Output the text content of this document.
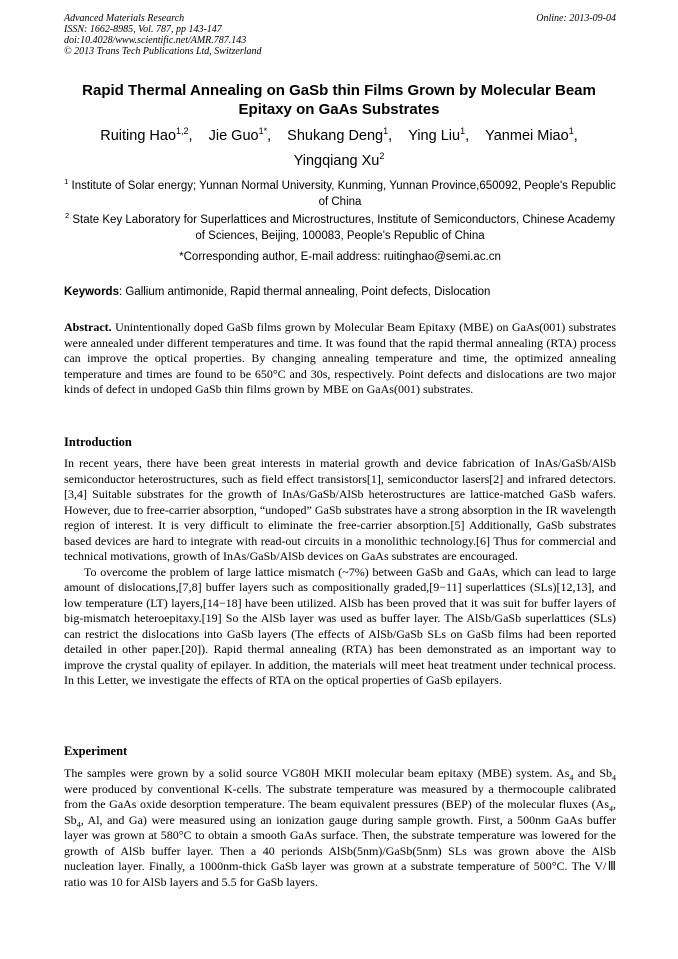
Advanced Materials Research
ISSN: 1662-8985, Vol. 787, pp 143-147
doi:10.4028/www.scientific.net/AMR.787.143
© 2013 Trans Tech Publications Ltd, Switzerland
Online: 2013-09-04
Rapid Thermal Annealing on GaSb thin Films Grown by Molecular Beam Epitaxy on GaAs Substrates
Ruiting Hao$^{1,2}$, Jie Guo$^{1*}$, Shukang Deng$^1$, Ying Liu$^1$, Yanmei Miao$^1$,
Yingqiang Xu$^2$
$^1$ Institute of Solar energy; Yunnan Normal University, Kunming, Yunnan Province,650092, People's Republic of China
$^2$ State Key Laboratory for Superlattices and Microstructures, Institute of Semiconductors, Chinese Academy of Sciences, Beijing, 100083, People's Republic of China
*Corresponding author, E-mail address: ruitinghao@semi.ac.cn
Keywords: Gallium antimonide, Rapid thermal annealing, Point defects, Dislocation
Abstract. Unintentionally doped GaSb films grown by Molecular Beam Epitaxy (MBE) on GaAs(001) substrates were annealed under different temperatures and time. It was found that the rapid thermal annealing (RTA) process can improve the optical properties. By changing annealing temperature and time, the optimized annealing temperature and times are found to be 650°C and 30s, respectively. Point defects and dislocations are two major kinds of defect in undoped GaSb thin films grown by MBE on GaAs(001) substrates.
Introduction

In recent years, there have been great interests in material growth and device fabrication of InAs/GaSb/AlSb semiconductor heterostructures, such as field effect transistors[1], semiconductor lasers[2] and infrared detectors.[3,4] Suitable substrates for the growth of InAs/GaSb/AlSb heterostructures are lattice-matched GaSb wafers. However, due to free-carrier absorption, “undoped” GaSb substrates have a strong absorption in the IR wavelength region of interest. It is very difficult to eliminate the free-carrier absorption.[5] Additionally, GaSb substrates based devices are hard to integrate with read-out circuits in a monolithic technology.[6] Thus for commercial and technical motivations, growth of InAs/GaSb/AlSb devices on GaAs substrates are encouraged.

To overcome the problem of large lattice mismatch (~7%) between GaSb and GaAs, which can lead to large amount of dislocations,[7,8] buffer layers such as compositionally graded,[9−11] superlattices (SLs)[12,13], and low temperature (LT) layers,[14−18] have been utilized. AlSb has been proved that it was suit for buffer layers of big-mismatch heteroepitaxy.[19] So the AlSb layer was used as buffer layer. The AlSb/GaSb superlattices (SLs) can restrict the dislocations into GaSb layers (The effects of AlSb/GaSb SLs on GaSb films had been reported detailed in other paper.[20]). Rapid thermal annealing (RTA) has been demonstrated as an important way to improve the crystal quality of epilayer. In addition, the materials will meet heat treatment under technical process. In this Letter, we investigate the effects of RTA on the optical properties of GaSb epilayers.

Experiment

The samples were grown by a solid source VG80H MKII molecular beam epitaxy (MBE) system. $As_4$ and $Sb_4$ were produced by conventional K-cells. The substrate temperature was measured by a thermocouple calibrated from the GaAs oxide desorption temperature. The beam equivalent pressures (BEP) of the molecular fluxes ($As_4$, $Sb_4$, Al, and Ga) were measured using an ionization gauge during sample growth. First, a 500nm GaAs buffer layer was grown at 580°C to obtain a smooth GaAs surface. Then, the substrate temperature was lowered for the growth of AlSb buffer layer. Then a 40 perionds AlSb(5nm)/GaSb(5nm) SLs was grown above the AlSb nucleation layer. Finally, a 1000nm-thick GaSb layer was grown at a substrate temperature of 500°C. The V/Ⅲ ratio was 10 for AlSb layers and 5.5 for GaSb layers.
